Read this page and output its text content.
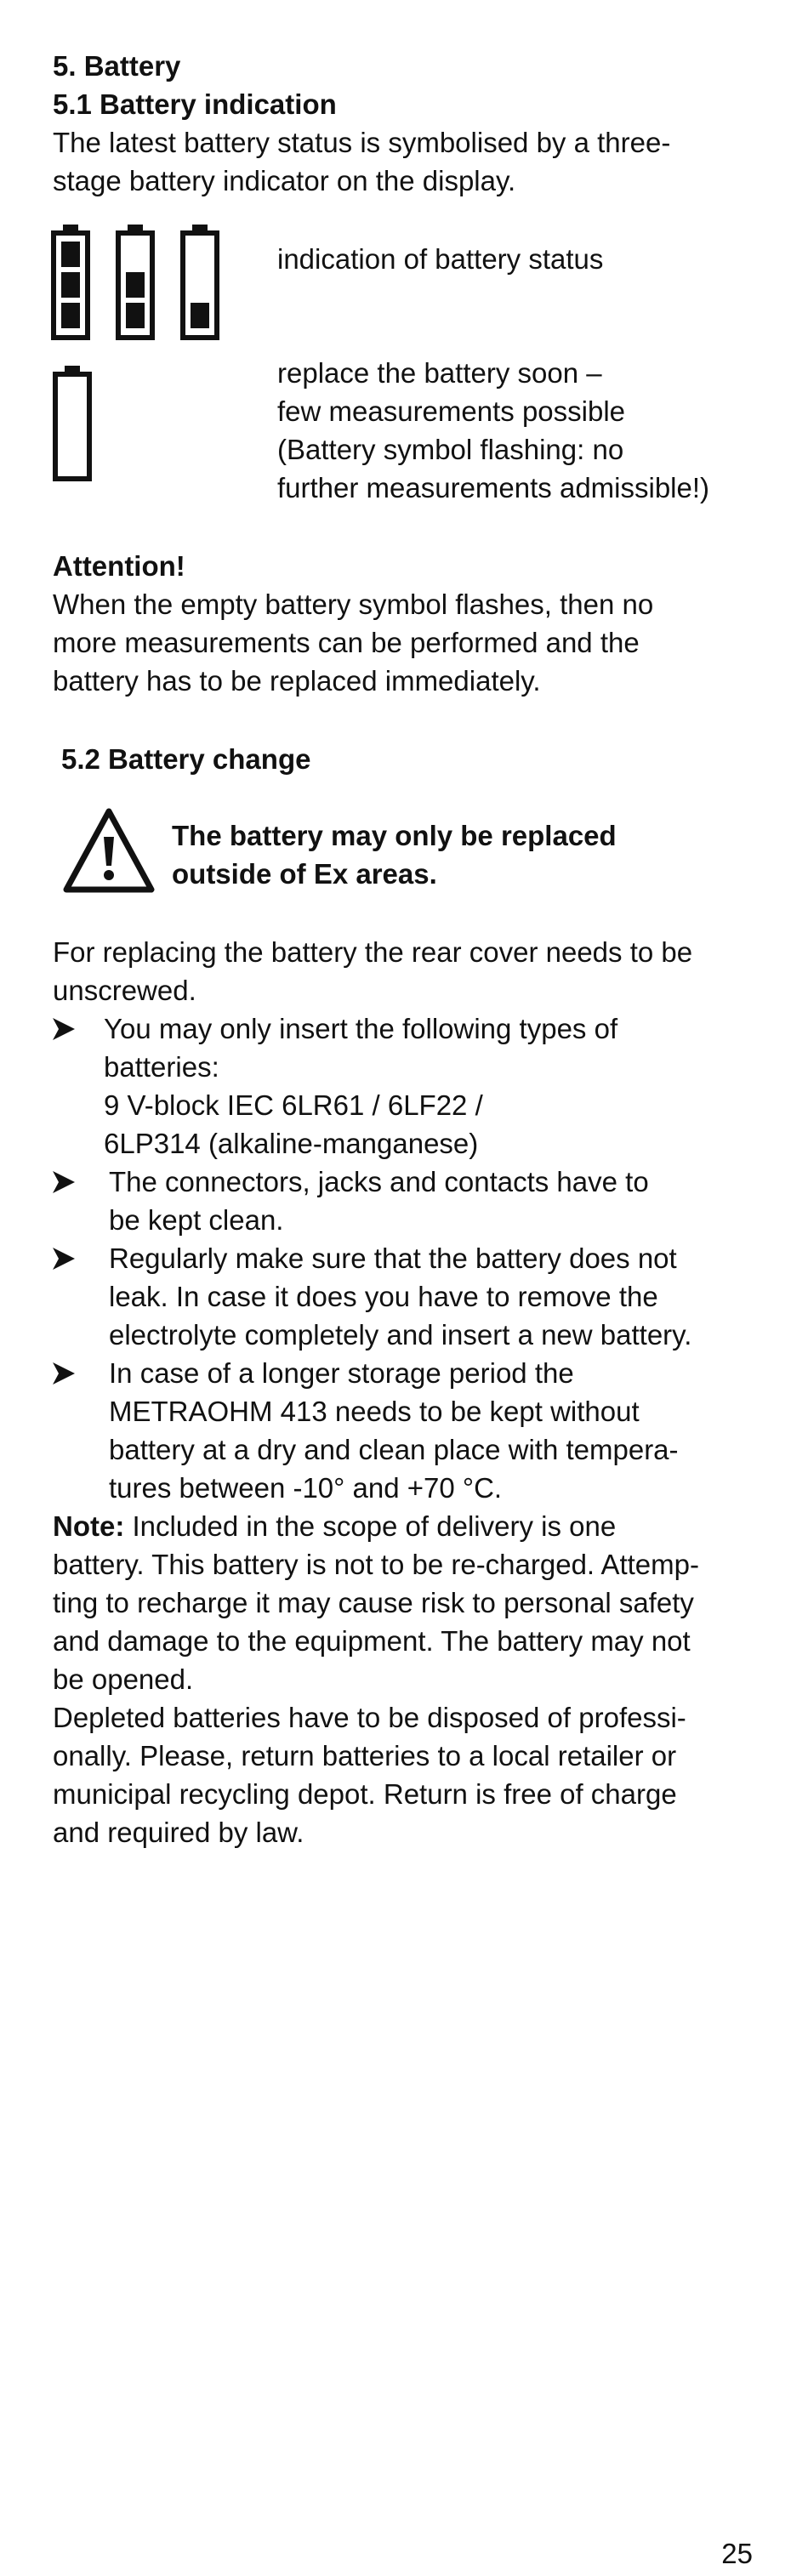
5. Battery
5.1 Battery indication
The latest battery status is symbolised by a three-
stage battery indicator on the display.
indication of battery status
replace the battery soon –
few measurements possible
(Battery symbol flashing: no
further measurements admissible!)
Attention!
When the empty battery symbol flashes, then no
more measurements can be performed and the
battery has to be replaced immediately.
5.2 Battery change
The battery may only be replaced
outside of Ex areas.
For replacing the battery the rear cover needs to be
unscrewed.
You may only insert the following types of
batteries:
9 V-block IEC 6LR61 / 6LF22 /
6LP314 (alkaline-manganese)
The connectors, jacks and contacts have to
be kept clean.
Regularly make sure that the battery does not
leak. In case it does you have to remove the
electrolyte completely and insert a new battery.
In case of a longer storage period the
METRAOHM 413 needs to be kept without
battery at a dry and clean place with tempera-
tures between -10° and +70 °C.
Note: Included in the scope of delivery is one
battery. This battery is not to be re-charged. Attemp-
ting to recharge it may cause risk to personal safety
and damage to the equipment. The battery may not
be opened.
Depleted batteries have to be disposed of professi-
onally. Please, return batteries to a local retailer or
municipal recycling depot. Return is free of charge
and required by law.
25
